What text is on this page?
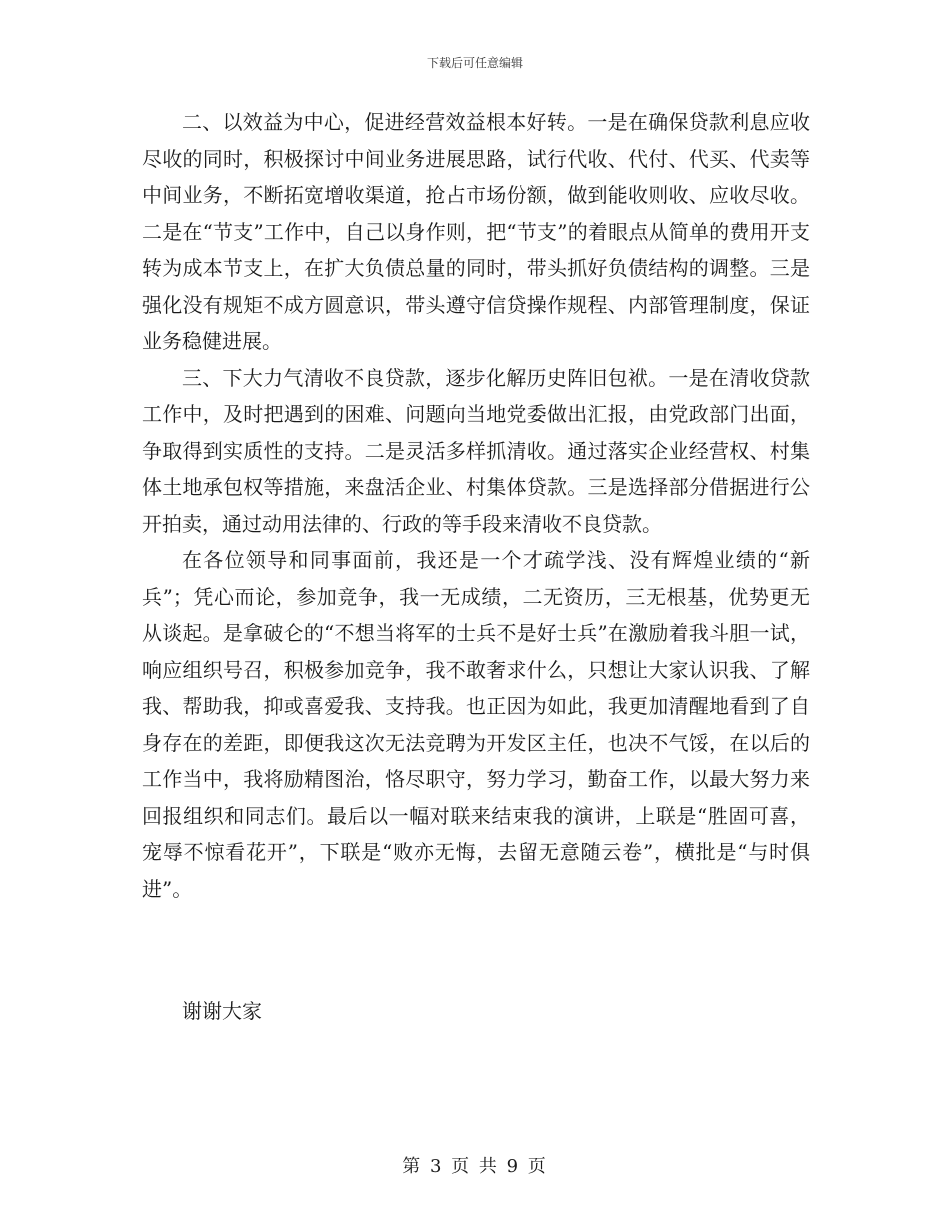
下载后可任意编辑

二、以效益为中心，促进经营效益根本好转。一是在确保贷款利息应收尽收的同时，积极探讨中间业务进展思路，试行代收、代付、代买、代卖等中间业务，不断拓宽增收渠道，抢占市场份额，做到能收则收、应收尽收。二是在“节支”工作中，自己以身作则，把“节支”的着眼点从简单的费用开支转为成本节支上，在扩大负债总量的同时，带头抓好负债结构的调整。三是强化没有规矩不成方圆意识，带头遵守信贷操作规程、内部管理制度，保证业务稳健进展。

三、下大力气清收不良贷款，逐步化解历史阵旧包袱。一是在清收贷款工作中，及时把遇到的困难、问题向当地党委做出汇报，由党政部门出面，争取得到实质性的支持。二是灵活多样抓清收。通过落实企业经营权、村集体土地承包权等措施，来盘活企业、村集体贷款。三是选择部分借据进行公开拍卖，通过动用法律的、行政的等手段来清收不良贷款。

在各位领导和同事面前，我还是一个才疏学浅、没有辉煌业绩的“新兵”；凭心而论，参加竞争，我一无成绩，二无资历，三无根基，优势更无从谈起。是拿破仑的“不想当将军的士兵不是好士兵”在激励着我斗胆一试，响应组织号召，积极参加竞争，我不敢奢求什么，只想让大家认识我、了解我、帮助我，抑或喜爱我、支持我。也正因为如此，我更加清醒地看到了自身存在的差距，即便我这次无法竞聘为开发区主任，也决不气馁，在以后的工作当中，我将励精图治，恪尽职守，努力学习，勤奋工作，以最大努力来回报组织和同志们。最后以一幅对联来结束我的演讲，上联是“胜固可喜，宠辱不惊看花开”，下联是“败亦无悔，去留无意随云卷”，横批是“与时俱进”。

谢谢大家

第 3 页 共 9 页
